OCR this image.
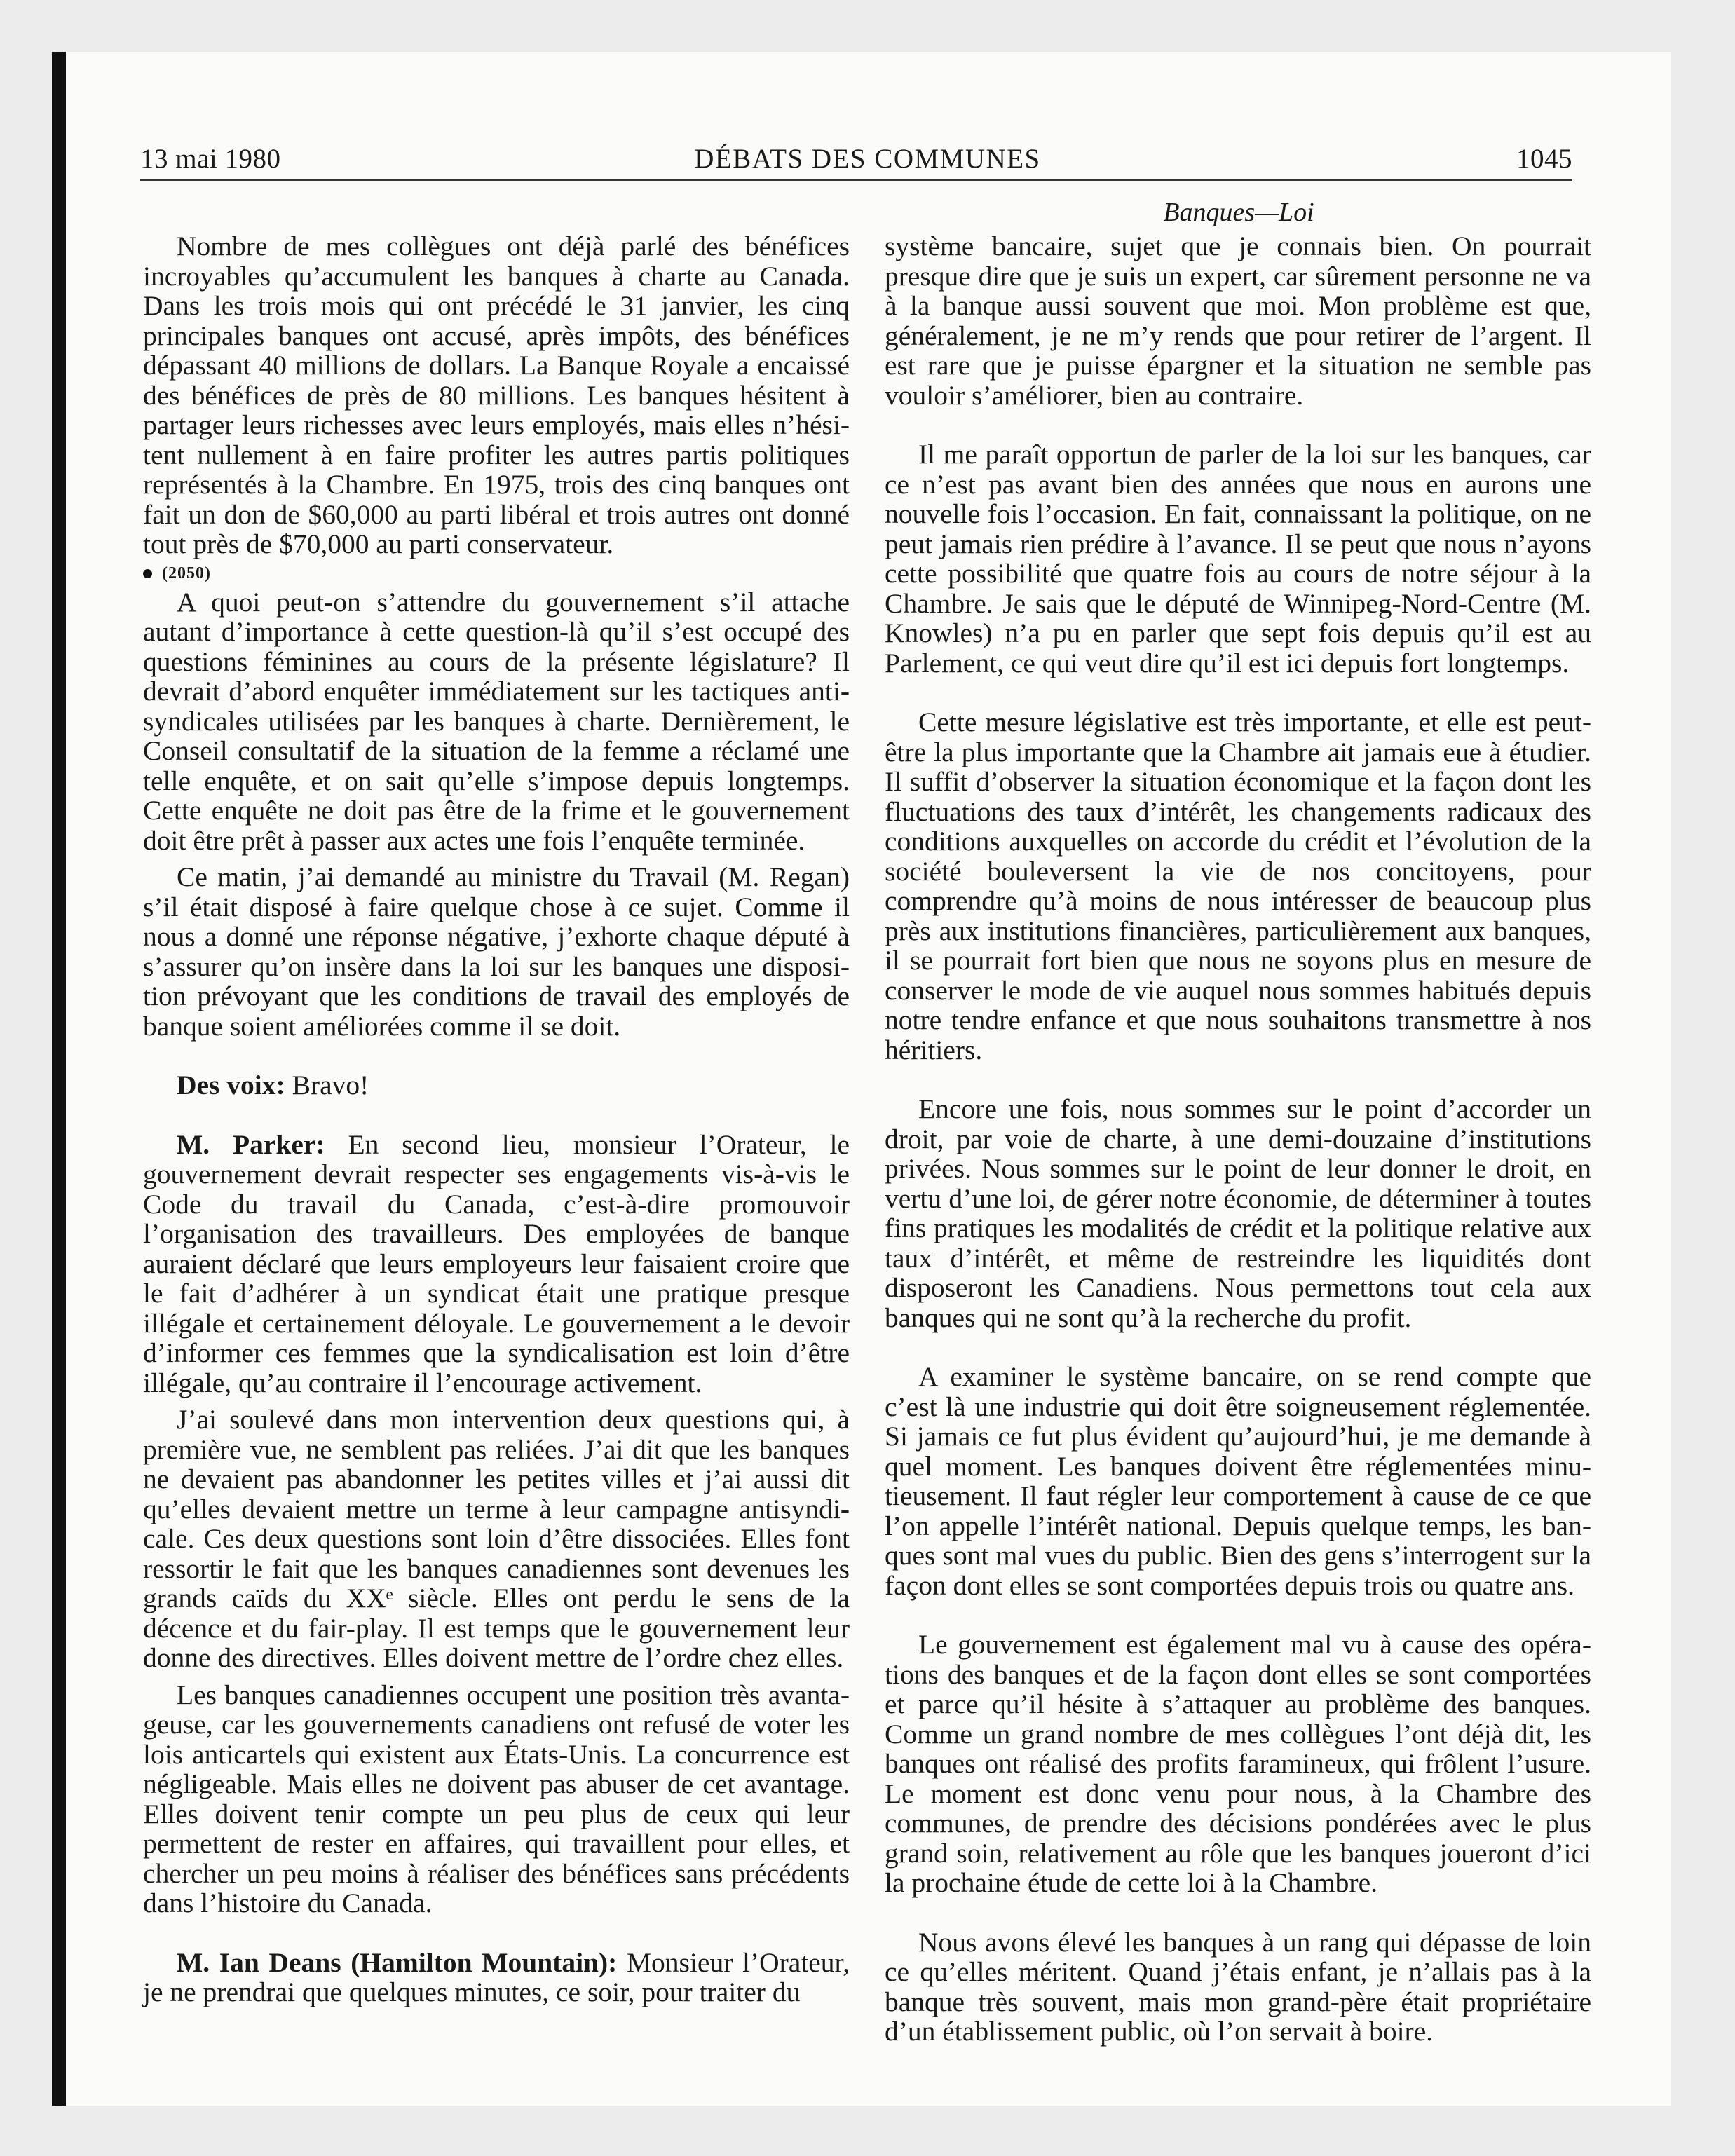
13 mai 1980	DÉBATS DES COMMUNES	1045
Banques—Loi

Nombre de mes collègues ont déjà parlé des bénéfices incroyables qu’accumulent les banques à charte au Canada. Dans les trois mois qui ont précédé le 31 janvier, les cinq principales banques ont accusé, après impôts, des bénéfices dépassant 40 millions de dollars. La Banque Royale a encaissé des bénéfices de près de 80 millions. Les banques hésitent à partager leurs richesses avec leurs employés, mais elles n’hésitent nullement à en faire profiter les autres partis politiques représentés à la Chambre. En 1975, trois des cinq banques ont fait un don de $60,000 au parti libéral et trois autres ont donné tout près de $70,000 au parti conservateur.

(2050)

A quoi peut-on s’attendre du gouvernement s’il attache autant d’importance à cette question-là qu’il s’est occupé des questions féminines au cours de la présente législature? Il devrait d’abord enquêter immédiatement sur les tactiques antisyndicales utilisées par les banques à charte. Dernièrement, le Conseil consultatif de la situation de la femme a réclamé une telle enquête, et on sait qu’elle s’impose depuis longtemps. Cette enquête ne doit pas être de la frime et le gouvernement doit être prêt à passer aux actes une fois l’enquête terminée.

Ce matin, j’ai demandé au ministre du Travail (M. Regan) s’il était disposé à faire quelque chose à ce sujet. Comme il nous a donné une réponse négative, j’exhorte chaque député à s’assurer qu’on insère dans la loi sur les banques une disposition prévoyant que les conditions de travail des employés de banque soient améliorées comme il se doit.

Des voix: Bravo!

M. Parker: En second lieu, monsieur l’Orateur, le gouvernement devrait respecter ses engagements vis-à-vis le Code du travail du Canada, c’est-à-dire promouvoir l’organisation des travailleurs. Des employées de banque auraient déclaré que leurs employeurs leur faisaient croire que le fait d’adhérer à un syndicat était une pratique presque illégale et certainement déloyale. Le gouvernement a le devoir d’informer ces femmes que la syndicalisation est loin d’être illégale, qu’au contraire il l’encourage activement.

J’ai soulevé dans mon intervention deux questions qui, à première vue, ne semblent pas reliées. J’ai dit que les banques ne devaient pas abandonner les petites villes et j’ai aussi dit qu’elles devaient mettre un terme à leur campagne antisyndicale. Ces deux questions sont loin d’être dissociées. Elles font ressortir le fait que les banques canadiennes sont devenues les grands caïds du XXᵉ siècle. Elles ont perdu le sens de la décence et du fair-play. Il est temps que le gouvernement leur donne des directives. Elles doivent mettre de l’ordre chez elles.

Les banques canadiennes occupent une position très avantageuse, car les gouvernements canadiens ont refusé de voter les lois anticartels qui existent aux États-Unis. La concurrence est négligeable. Mais elles ne doivent pas abuser de cet avantage. Elles doivent tenir compte un peu plus de ceux qui leur permettent de rester en affaires, qui travaillent pour elles, et chercher un peu moins à réaliser des bénéfices sans précédents dans l’histoire du Canada.

M. Ian Deans (Hamilton Mountain): Monsieur l’Orateur, je ne prendrai que quelques minutes, ce soir, pour traiter du

système bancaire, sujet que je connais bien. On pourrait presque dire que je suis un expert, car sûrement personne ne va à la banque aussi souvent que moi. Mon problème est que, généralement, je ne m’y rends que pour retirer de l’argent. Il est rare que je puisse épargner et la situation ne semble pas vouloir s’améliorer, bien au contraire.

Il me paraît opportun de parler de la loi sur les banques, car ce n’est pas avant bien des années que nous en aurons une nouvelle fois l’occasion. En fait, connaissant la politique, on ne peut jamais rien prédire à l’avance. Il se peut que nous n’ayons cette possibilité que quatre fois au cours de notre séjour à la Chambre. Je sais que le député de Winnipeg-Nord-Centre (M. Knowles) n’a pu en parler que sept fois depuis qu’il est au Parlement, ce qui veut dire qu’il est ici depuis fort longtemps.

Cette mesure législative est très importante, et elle est peut-être la plus importante que la Chambre ait jamais eue à étudier. Il suffit d’observer la situation économique et la façon dont les fluctuations des taux d’intérêt, les changements radicaux des conditions auxquelles on accorde du crédit et l’évolution de la société bouleversent la vie de nos concitoyens, pour comprendre qu’à moins de nous intéresser de beaucoup plus près aux institutions financières, particulièrement aux banques, il se pourrait fort bien que nous ne soyons plus en mesure de conserver le mode de vie auquel nous sommes habitués depuis notre tendre enfance et que nous souhaitons transmettre à nos héritiers.

Encore une fois, nous sommes sur le point d’accorder un droit, par voie de charte, à une demi-douzaine d’institutions privées. Nous sommes sur le point de leur donner le droit, en vertu d’une loi, de gérer notre économie, de déterminer à toutes fins pratiques les modalités de crédit et la politique relative aux taux d’intérêt, et même de restreindre les liquidités dont disposeront les Canadiens. Nous permettons tout cela aux banques qui ne sont qu’à la recherche du profit.

A examiner le système bancaire, on se rend compte que c’est là une industrie qui doit être soigneusement réglementée. Si jamais ce fut plus évident qu’aujourd’hui, je me demande à quel moment. Les banques doivent être réglementées minutieusement. Il faut régler leur comportement à cause de ce que l’on appelle l’intérêt national. Depuis quelque temps, les banques sont mal vues du public. Bien des gens s’interrogent sur la façon dont elles se sont comportées depuis trois ou quatre ans.

Le gouvernement est également mal vu à cause des opérations des banques et de la façon dont elles se sont comportées et parce qu’il hésite à s’attaquer au problème des banques. Comme un grand nombre de mes collègues l’ont déjà dit, les banques ont réalisé des profits faramineux, qui frôlent l’usure. Le moment est donc venu pour nous, à la Chambre des communes, de prendre des décisions pondérées avec le plus grand soin, relativement au rôle que les banques joueront d’ici la prochaine étude de cette loi à la Chambre.

Nous avons élevé les banques à un rang qui dépasse de loin ce qu’elles méritent. Quand j’étais enfant, je n’allais pas à la banque très souvent, mais mon grand-père était propriétaire d’un établissement public, où l’on servait à boire.
